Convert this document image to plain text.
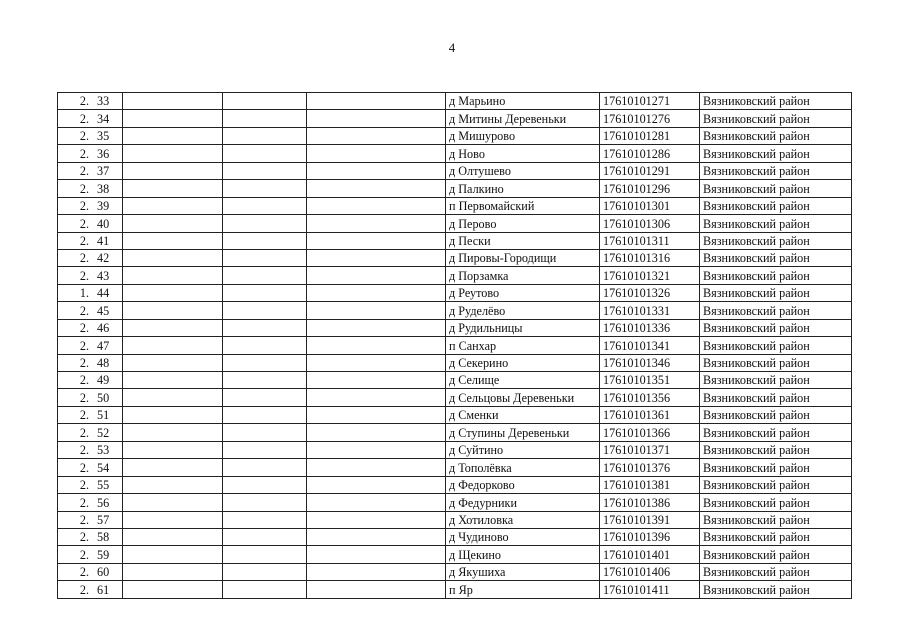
4
2. 33				д Марьино	17610101271	Вязниковский район
2. 34				д Митины Деревеньки	17610101276	Вязниковский район
2. 35				д Мишурово	17610101281	Вязниковский район
2. 36				д Ново	17610101286	Вязниковский район
2. 37				д Олтушево	17610101291	Вязниковский район
2. 38				д Палкино	17610101296	Вязниковский район
2. 39				п Первомайский	17610101301	Вязниковский район
2. 40				д Перово	17610101306	Вязниковский район
2. 41				д Пески	17610101311	Вязниковский район
2. 42				д Пировы-Городищи	17610101316	Вязниковский район
2. 43				д Порзамка	17610101321	Вязниковский район
1. 44				д Реутово	17610101326	Вязниковский район
2. 45				д Руделёво	17610101331	Вязниковский район
2. 46				д Рудильницы	17610101336	Вязниковский район
2. 47				п Санхар	17610101341	Вязниковский район
2. 48				д Секерино	17610101346	Вязниковский район
2. 49				д Селище	17610101351	Вязниковский район
2. 50				д Сельцовы Деревеньки	17610101356	Вязниковский район
2. 51				д Сменки	17610101361	Вязниковский район
2. 52				д Ступины Деревеньки	17610101366	Вязниковский район
2. 53				д Суйтино	17610101371	Вязниковский район
2. 54				д Тополёвка	17610101376	Вязниковский район
2. 55				д Федорково	17610101381	Вязниковский район
2. 56				д Федурники	17610101386	Вязниковский район
2. 57				д Хотиловка	17610101391	Вязниковский район
2. 58				д Чудиново	17610101396	Вязниковский район
2. 59				д Щекино	17610101401	Вязниковский район
2. 60				д Якушиха	17610101406	Вязниковский район
2. 61				п Яр	17610101411	Вязниковский район
